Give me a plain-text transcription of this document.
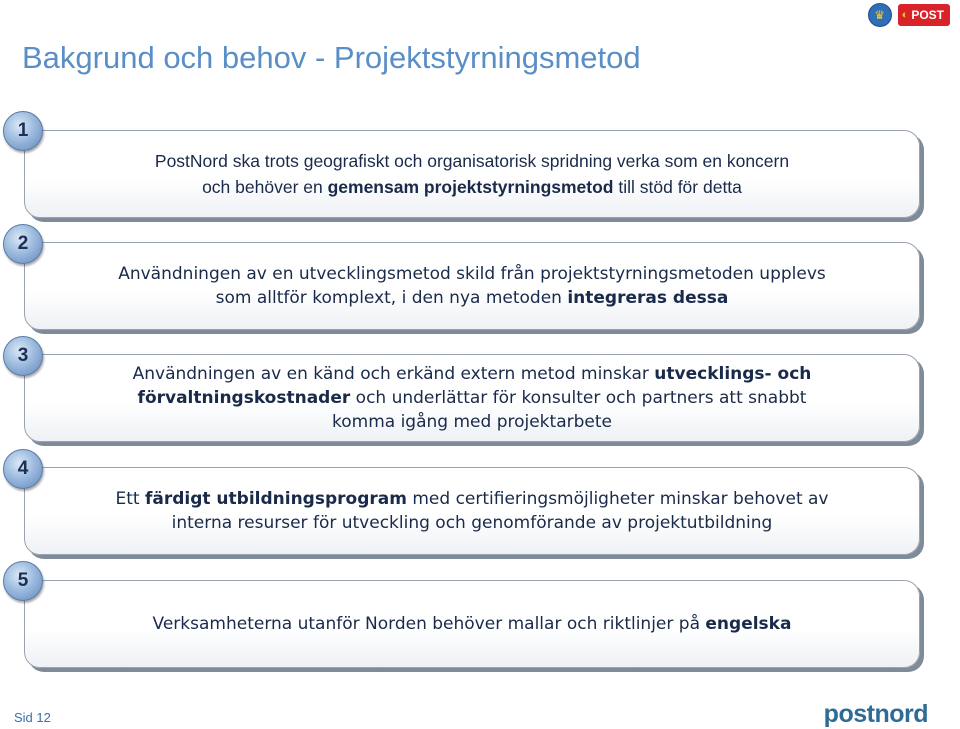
Bakgrund och behov - Projektstyrningsmetod
♛	◐ POST
PostNord ska trots geografiskt och organisatorisk spridning verka som en koncern
och behöver en gemensam projektstyrningsmetod till stöd för detta
1
Användningen av en utvecklingsmetod skild från projektstyrningsmetoden upplevs
som alltför komplext, i den nya metoden integreras dessa
2
Användningen av en känd och erkänd extern metod minskar utvecklings- och
förvaltningskostnader och underlättar för konsulter och partners att snabbt
komma igång med projektarbete
3
Ett färdigt utbildningsprogram med certifieringsmöjligheter minskar behovet av
interna resurser för utveckling och genomförande av projektutbildning
4
Verksamheterna utanför Norden behöver mallar och riktlinjer på engelska
5
Sid 12	postnord
